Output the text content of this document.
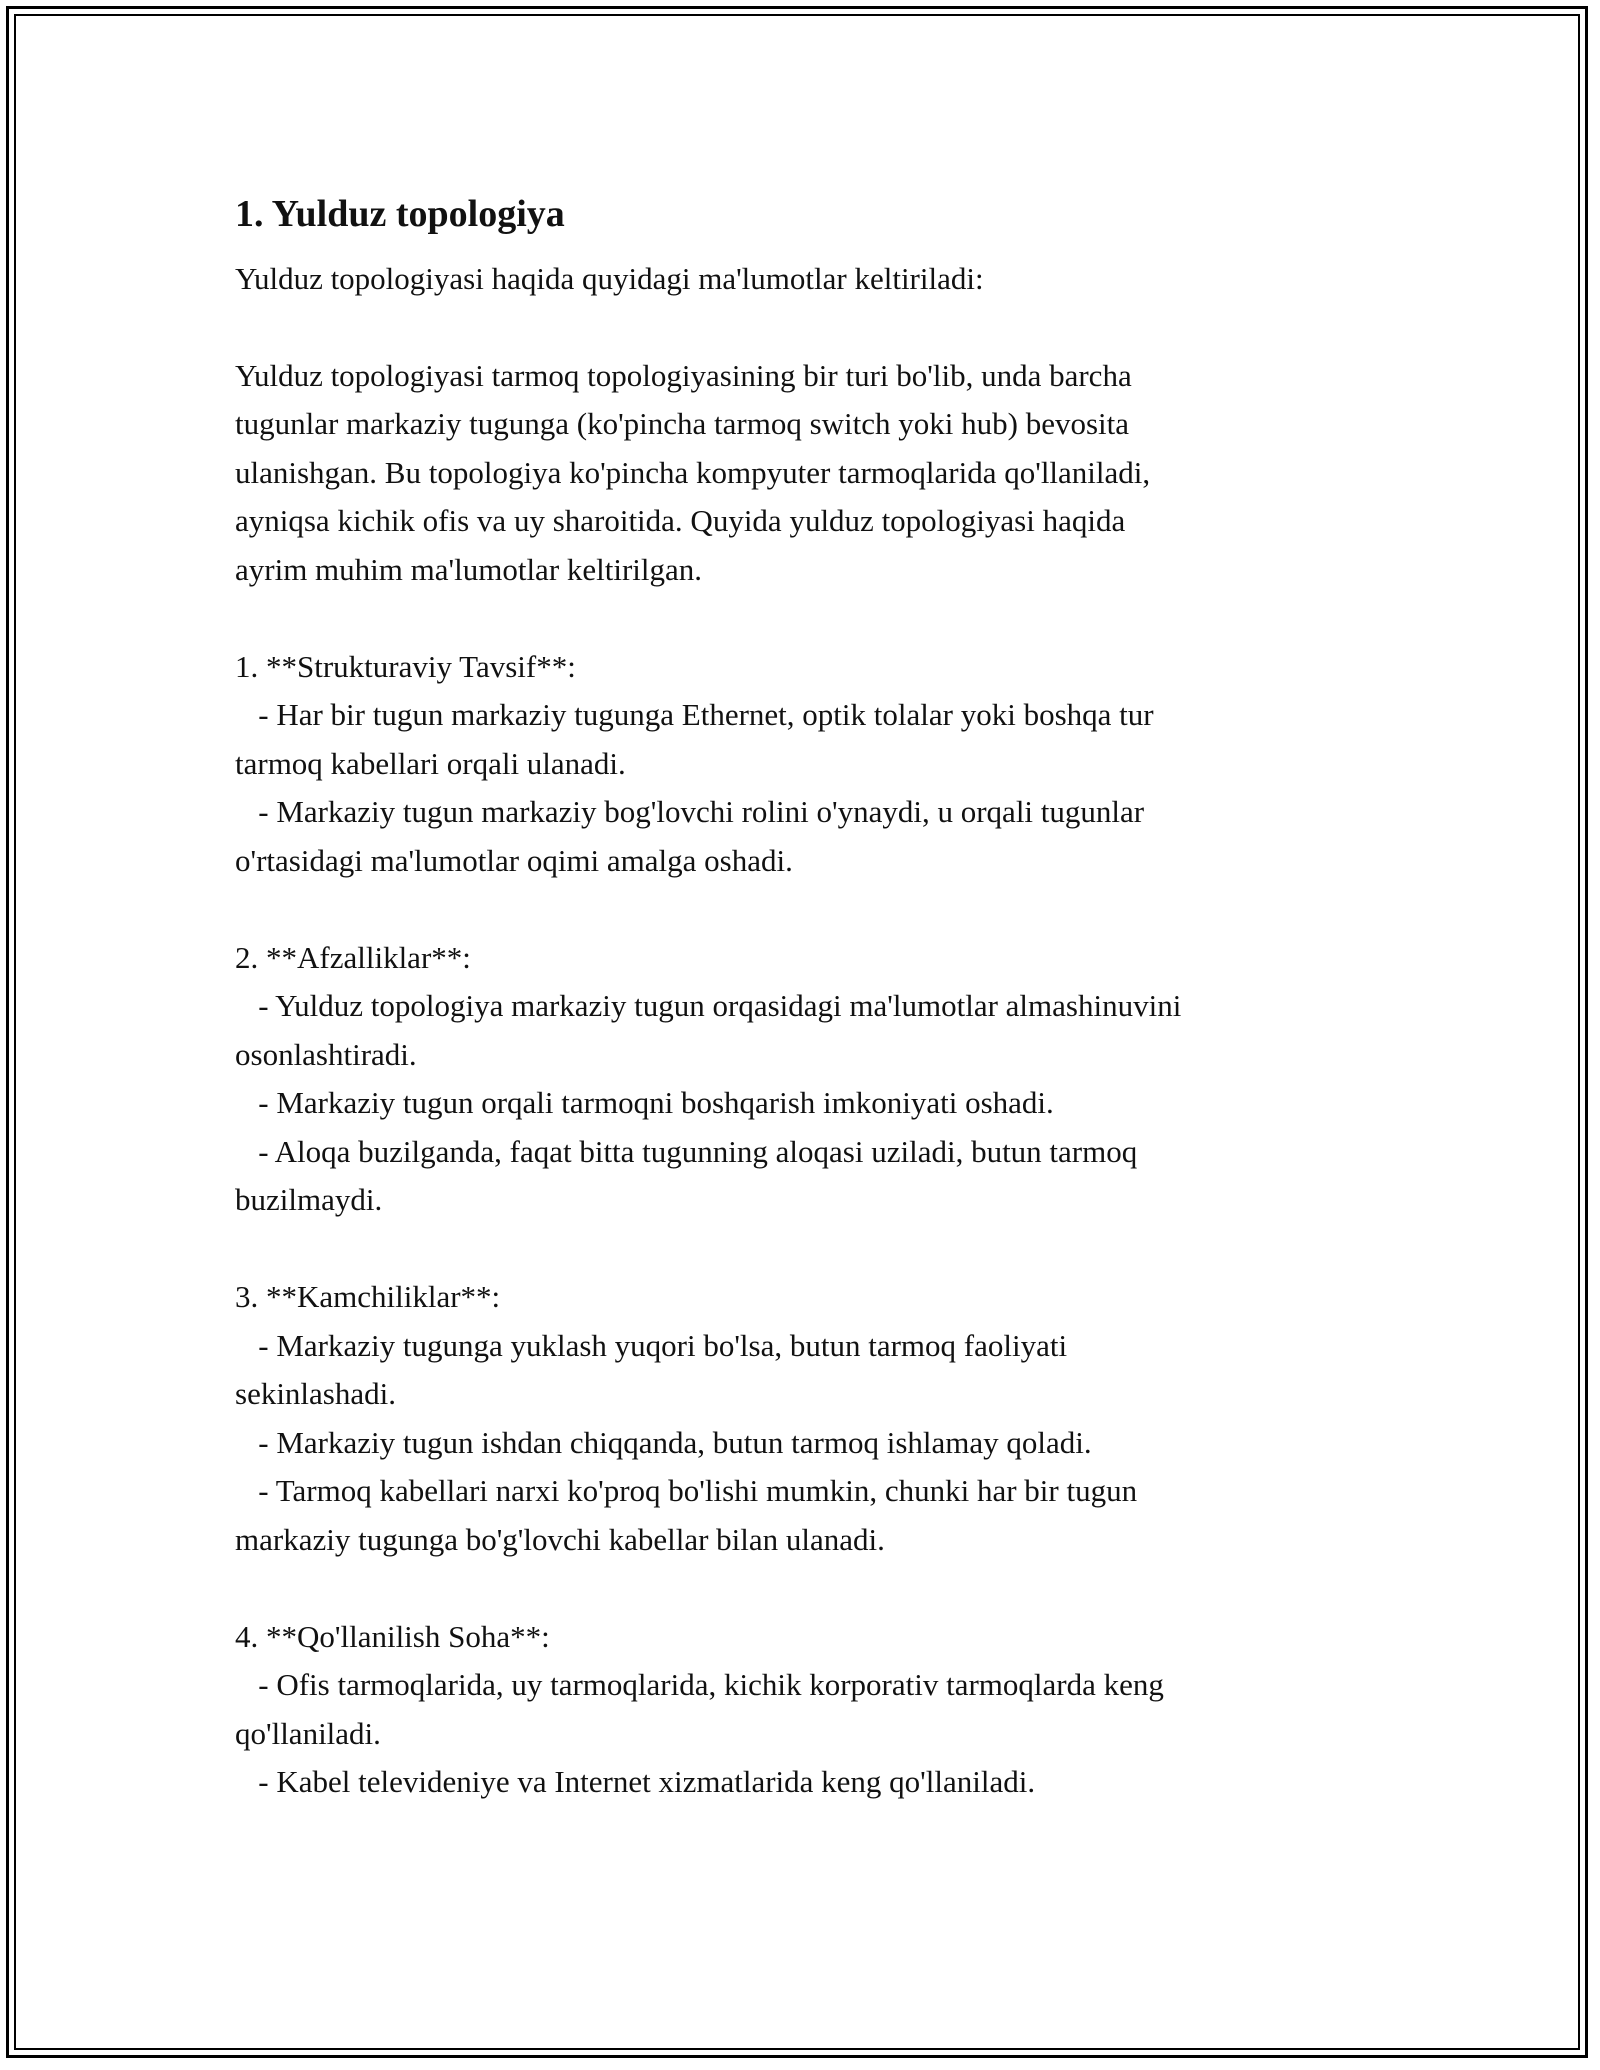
1. Yulduz topologiya

Yulduz topologiyasi haqida quyidagi ma'lumotlar keltiriladi:

Yulduz topologiyasi tarmoq topologiyasining bir turi bo'lib, unda barcha
tugunlar markaziy tugunga (ko'pincha tarmoq switch yoki hub) bevosita
ulanishgan. Bu topologiya ko'pincha kompyuter tarmoqlarida qo'llaniladi,
ayniqsa kichik ofis va uy sharoitida. Quyida yulduz topologiyasi haqida
ayrim muhim ma'lumotlar keltirilgan.

1. **Strukturaviy Tavsif**:
- Har bir tugun markaziy tugunga Ethernet, optik tolalar yoki boshqa tur
tarmoq kabellari orqali ulanadi.
- Markaziy tugun markaziy bog'lovchi rolini o'ynaydi, u orqali tugunlar
o'rtasidagi ma'lumotlar oqimi amalga oshadi.

2. **Afzalliklar**:
- Yulduz topologiya markaziy tugun orqasidagi ma'lumotlar almashinuvini
osonlashtiradi.
- Markaziy tugun orqali tarmoqni boshqarish imkoniyati oshadi.
- Aloqa buzilganda, faqat bitta tugunning aloqasi uziladi, butun tarmoq
buzilmaydi.

3. **Kamchiliklar**:
- Markaziy tugunga yuklash yuqori bo'lsa, butun tarmoq faoliyati
sekinlashadi.
- Markaziy tugun ishdan chiqqanda, butun tarmoq ishlamay qoladi.
- Tarmoq kabellari narxi ko'proq bo'lishi mumkin, chunki har bir tugun
markaziy tugunga bo'g'lovchi kabellar bilan ulanadi.

4. **Qo'llanilish Soha**:
- Ofis tarmoqlarida, uy tarmoqlarida, kichik korporativ tarmoqlarda keng
qo'llaniladi.
- Kabel televideniye va Internet xizmatlarida keng qo'llaniladi.
